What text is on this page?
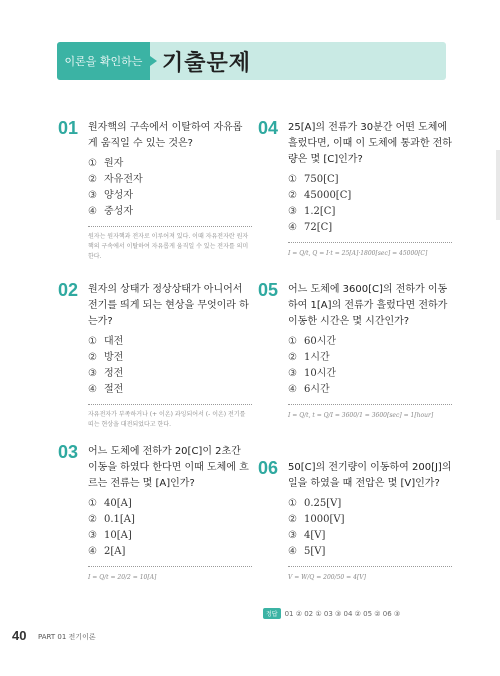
이론을 확인하는 기출문제
01 원자핵의 구속에서 이탈하여 자유롭게 움직일 수 있는 것은?
① 원자
② 자유전자
③ 양성자
④ 중성자
원자는 원자핵과 전자로 이루어져 있다. 이때 자유전자란 원자핵의 구속에서 이탈하여 자유롭게 움직일 수 있는 전자를 의미한다.
02 원자의 상태가 정상상태가 아니어서 전기를 띄게 되는 현상을 무엇이라 하는가?
① 대전
② 방전
③ 정전
④ 절전
자유전자가 부족하거나 (+ 이온) 과잉되어서 (- 이온) 전기를 띠는 현상을 대전되었다고 한다.
03 어느 도체에 전하가 20[C]이 2초간 이동을 하였다 한다면 이때 도체에 흐르는 전류는 몇 [A]인가?
① 40[A]
② 0.1[A]
③ 10[A]
④ 2[A]
I = Q/t = 20/2 = 10[A]
04 25[A]의 전류가 30분간 어떤 도체에 흘렀다면, 이때 이 도체에 통과한 전하량은 몇 [C]인가?
① 750[C]
② 45000[C]
③ 1.2[C]
④ 72[C]
I = Q/t, Q = I·t = 25[A]·1800[sec] = 45000[C]
05 어느 도체에 3600[C]의 전하가 이동하여 1[A]의 전류가 흘렀다면 전하가 이동한 시간은 몇 시간인가?
① 60시간
② 1시간
③ 10시간
④ 6시간
I = Q/t, t = Q/I = 3600/1 = 3600[sec] = 1[hour]
06 50[C]의 전기량이 이동하여 200[J]의 일을 하였을 때 전압은 몇 [V]인가?
① 0.25[V]
② 1000[V]
③ 4[V]
④ 5[V]
V = W/Q = 200/50 = 4[V]
정답	01 ② 02 ① 03 ③ 04 ② 05 ② 06 ③
40 PART 01 전기이론
